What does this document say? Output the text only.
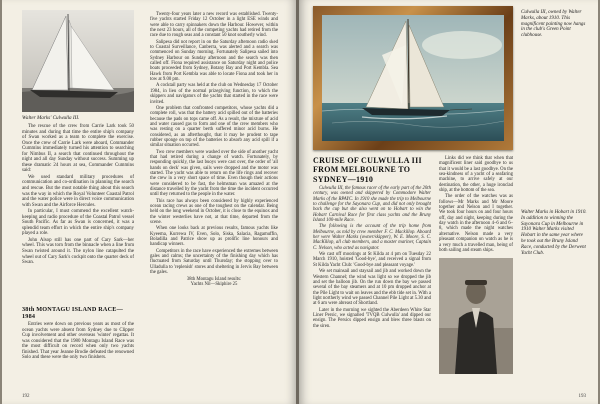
Walter Marks' Culwulla III.

The rescue of the crew from Carrie Lark took 50 minutes and during that time the entire ship's company of Swan worked as a team to complete the exercise. Once the crew of Carrie Lark were aboard, Commander Cummins immediately turned his attention to searching for Nimbus II, a search that continued throughout the night and all day Sunday without success. Summing up these dramatic 24 hours at sea, Commander Cummins said:

We used standard military procedures of communication and co-ordination in planning the search and rescue. But the most notable thing about this search was the way in which the Royal Volunteer Coastal Patrol and the water police were in direct voice communication with Swan and the Airforce Hercules.

In particular, I must commend the excellent watch-keeping and radio procedure of the Coastal Patrol vessel South Pacific. As far as Swan is concerned, it was a splendid team effort in which the entire ship's company played a role.

John Alsop still has one part of Cary Sark—her wheel. This was torn from the binnacle when a line from Swan twisted around it. The nylon line catapulted the wheel out of Cary Sark's cockpit onto the quarter deck of Swan.

38th MONTAGU ISLAND RACE—1984

Entries were down on previous years as most of the ocean yachts were absent from Sydney due to Clipper Cup involvement and other overseas 'winter' regattas. It was considered that the 1980 Montagu Island Race was the most difficult on record when only two yachts finished. That year Jeanne Brodie defeated the renowned Solo and these were the only two finishers.

Twenty-four years later a new record was established. Twenty-five yachts started Friday 12 October in a light ESE winds and were able to carry spinnakers down the Harbour. However, within the next 23 hours, all of the competing yachts had retired from the race due to rough seas and a constant 50 knot southerly wind.

Salipesa did not report in on the Saturday afternoon radio sked to Coastal Surveillance, Canberra, was alerted and a search was commenced on Sunday morning. Fortunately Salipesa sailed into Sydney Harbour on Sunday afternoon and the search was then called off. Fiona required assistance on Saturday night and police boats proceeded from Sydney, Botany Bay and Port Kembla. Sea Hawk from Port Kembla was able to locate Fiona and took her in tow at 9.00 pm.

A cocktail party was held at the club on Wednesday 17 October 1984, in lieu of the normal prizegiving function, to which the skippers and navigators of the yachts that started in the race were invited.

One problem that confronted competitors, whose yachts did a complete roll, was that the battery acid spilled out of the batteries because the pads on tops came off. As a result, the mixture of acid and water caused gas to form and one of the crew members who was resting on a quarter berth suffered minor acid burns. He considered, as an afterthought, that it may be prudent to tape rubber sponge on top of the batteries to absorb any acid spill if a similar situation occurred.

Two crew members were washed over the side of another yacht that had retired during a change of watch. Fortunately, by responding quickly, the last buoys were cast over, the order of 'all hands on deck' was given, sails were dropped and the motor was started. The yacht was able to return on the life rings and recover the crew in a very short space of time. Even though their actions were considered to be fast, the helmsman was amazed at the distance travelled by the yacht from the time the incident occurred until they returned to the people in the water.

This race has always been considered by highly experienced ocean racing crews as one of the toughest on the calendar. Being held on the long weekend in October, it is close to the equinox and the winter westerlies have not, at that time, departed from the scene.

When one looks back at previous results, famous yachts like Kyeema, Kurrewa IV, Even, Solo, Siska, Salacia, Ragamuffin, Boladilla and Patrice show up as prolific line honours and handicap winners.

Competitors in the race have experienced the extremes between gales and calms; the uncertainty of the finishing day which has fluctuated from Saturday until Thursday; the stopping over to Ulladulla to 'replenish' stores and sheltering in Jervis Bay between the gales.

38th Montagu Island results:
Yachts Nil—Skiphire 25
192
Culwulla III, owned by Walter Marks, about 1910. This magnificent painting now hangs in the club's Green Point clubhouse.
CRUISE OF CULWULLA III FROM MELBOURNE TO SYDNEY—1910

Culwulla III, the famous racer of the early part of the 20th century, was owned and skippered by Commodore Walter Marks of the RPAYC. In 1910 she made the trip to Melbourne to challenge for the Sayonara Cup, and did not only brought back the cup but she also went on to Hobart to win the Hobart Carnival Race for first class yachts and the Bruny Island 100-mile Race.

The following is the account of the trip home from Melbourne, as told by crew member F. C. Mackillop. Aboard her were Walter Marks (owner/skipper), W. E. Moore, S. C. MacKillop, all club members, and a master mariner, Captain C. Nelson, who acted as navigator.

We cast off moorings at St Kilda at 4 pm on Tuesday 22 March 1910, hoisted 'Good-bye', and received a signal from St Kilda Yacht Club: 'Good-bye and pleasant voyage.'

We set mainsail and staysail and jib and worked down the Western Channel; the wind was light so we dropped the jib and set the balloon jib. On the run down the bay we passed several of the bay steamers and at 10 pm dropped anchor at the Pile Light to wait on leaves and the ebb tide set in. With a light northerly wind we passed Channel Pile Light at 5.30 and at 6 am were abreast of Shortland.

Later in the morning we sighted the Aberdeen White Star Liner Persic, we signalled 'TVQB Culwulla' and dipped our ensign. The Persics dipped ensign and blew three blasts on the siren.

Links did we think that when that magnificent liner said goodbye to us that it would be a last goodbye. On the sea-kindness of a yacht of a seafaring machine, to arrive safely at our destination, the other, a huge ironclad ship, at the bottom of the sea.

The order of the watches was as follows—Mr Marks and Mr Moore together and Nelson and I together. We took four hours on and four hours off, day and night, keeping during the day watch in the afternoon 4–6 and 6–8, which made the night watches alternative. Nelson made a very pleasant companion on watch as he is a very much a travelled man, being of both sailing and steam ships.

Walter Marks in Hobart in 1910. In addition to winning the Sayonara Cup in Melbourne in 1910 Walter Marks visited Hobart in the same year where he took out the Bruny Island Race, conducted by the Derwent Yacht Club.
193
